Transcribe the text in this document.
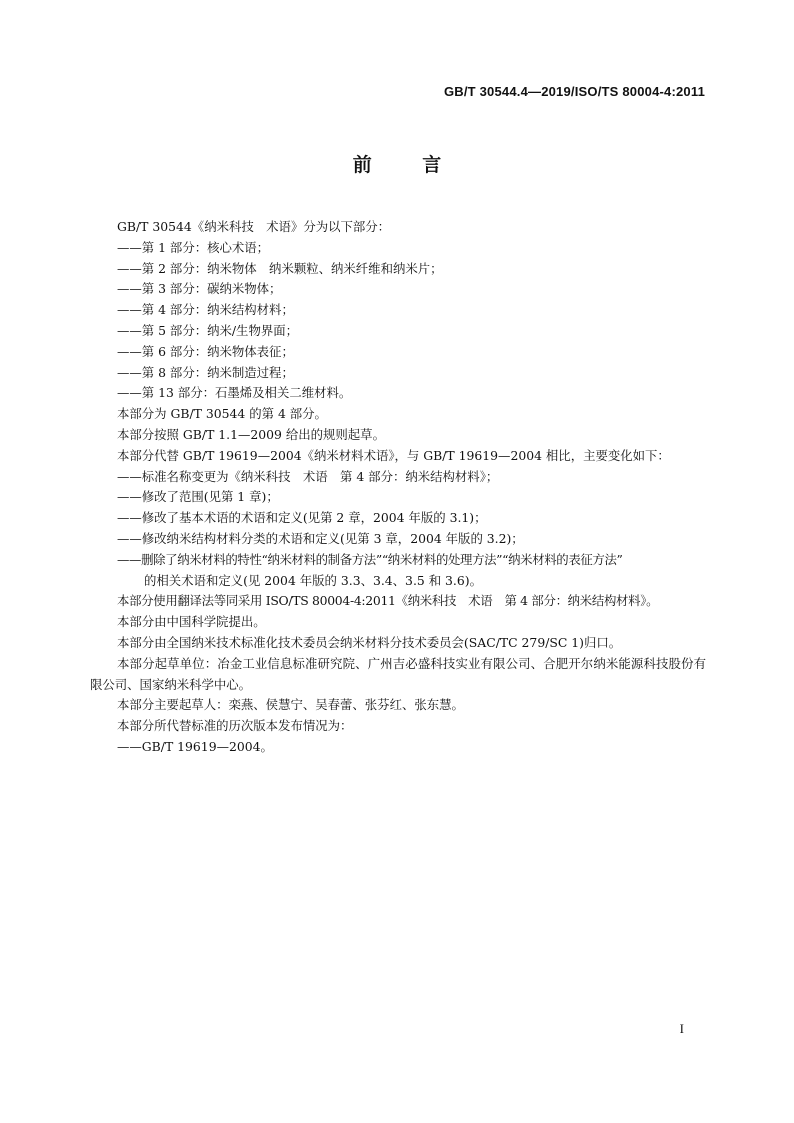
GB/T 30544.4—2019/ISO/TS 80004-4:2011
前 言

GB/T 30544《纳米科技　术语》分为以下部分：

——第 1 部分：核心术语；

——第 2 部分：纳米物体　纳米颗粒、纳米纤维和纳米片；

——第 3 部分：碳纳米物体；

——第 4 部分：纳米结构材料；

——第 5 部分：纳米/生物界面；

——第 6 部分：纳米物体表征；

——第 8 部分：纳米制造过程；

——第 13 部分：石墨烯及相关二维材料。

本部分为 GB/T 30544 的第 4 部分。

本部分按照 GB/T 1.1—2009 给出的规则起草。

本部分代替 GB/T 19619—2004《纳米材料术语》，与 GB/T 19619—2004 相比，主要变化如下：

——标准名称变更为《纳米科技　术语　第 4 部分：纳米结构材料》；

——修改了范围(见第 1 章)；

——修改了基本术语的术语和定义(见第 2 章，2004 年版的 3.1)；

——修改纳米结构材料分类的术语和定义(见第 3 章，2004 年版的 3.2)；

——删除了纳米材料的特性“纳米材料的制备方法”“纳米材料的处理方法”“纳米材料的表征方法”

的相关术语和定义(见 2004 年版的 3.3、3.4、3.5 和 3.6)。

本部分使用翻译法等同采用 ISO/TS 80004-4:2011《纳米科技　术语　第 4 部分：纳米结构材料》。

本部分由中国科学院提出。

本部分由全国纳米技术标准化技术委员会纳米材料分技术委员会(SAC/TC 279/SC 1)归口。

本部分起草单位：冶金工业信息标准研究院、广州吉必盛科技实业有限公司、合肥开尔纳米能源科技股份有限公司、国家纳米科学中心。

本部分主要起草人：栾燕、侯慧宁、吴春蕾、张芬红、张东慧。

本部分所代替标准的历次版本发布情况为：

——GB/T 19619—2004。

I
